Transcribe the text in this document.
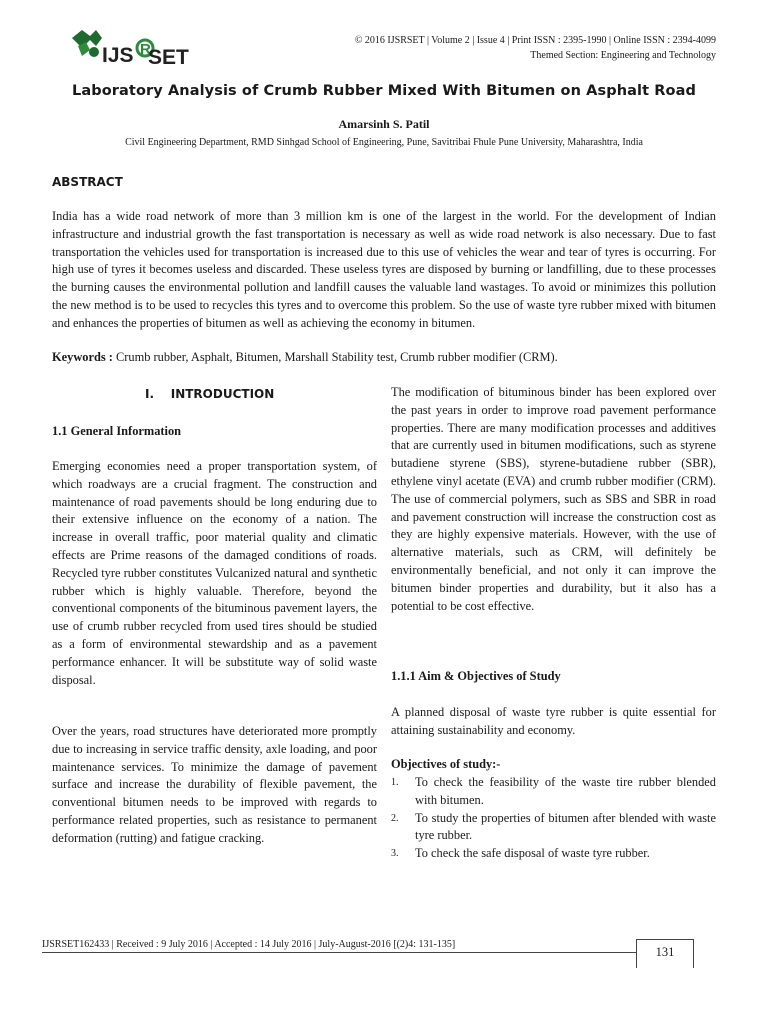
IJS R
SET
© 2016 IJSRSET | Volume 2 | Issue 4 | Print ISSN : 2395-1990 | Online ISSN : 2394-4099
Themed Section: Engineering and Technology
Laboratory Analysis of Crumb Rubber Mixed With Bitumen on Asphalt Road
Amarsinh S. Patil
Civil Engineering Department, RMD Sinhgad School of Engineering, Pune, Savitribai Fhule Pune University, Maharashtra, India
ABSTRACT
India has a wide road network of more than 3 million km is one of the largest in the world. For the development of Indian infrastructure and industrial growth the fast transportation is necessary as well as wide road network is also necessary. Due to fast transportation the vehicles used for transportation is increased due to this use of vehicles the wear and tear of tyres is occurring. For high use of tyres it becomes useless and discarded. These useless tyres are disposed by burning or landfilling, due to these processes the burning causes the environmental pollution and landfill causes the valuable land wastages. To avoid or minimizes this pollution the new method is to be used to recycles this tyres and to overcome this problem. So the use of waste tyre rubber mixed with bitumen and enhances the properties of bitumen as well as achieving the economy in bitumen.
Keywords : Crumb rubber, Asphalt, Bitumen, Marshall Stability test, Crumb rubber modifier (CRM).
I.    INTRODUCTION
1.1 General Information
Emerging economies need a proper transportation system, of which roadways are a crucial fragment. The construction and maintenance of road pavements should be long enduring due to their extensive influence on the economy of a nation. The increase in overall traffic, poor material quality and climatic effects are Prime reasons of the damaged conditions of roads. Recycled tyre rubber constitutes Vulcanized natural and synthetic rubber which is highly valuable. Therefore, beyond the conventional components of the bituminous pavement layers, the use of crumb rubber recycled from used tires should be studied as a form of environmental stewardship and as a pavement performance enhancer. It will be substitute way of solid waste disposal.
Over the years, road structures have deteriorated more promptly due to increasing in service traffic density, axle loading, and poor maintenance services. To minimize the damage of pavement surface and increase the durability of flexible pavement, the conventional bitumen needs to be improved with regards to performance related properties, such as resistance to permanent deformation (rutting) and fatigue cracking.
The modification of bituminous binder has been explored over the past years in order to improve road pavement performance properties. There are many modification processes and additives that are currently used in bitumen modifications, such as styrene butadiene styrene (SBS), styrene-butadiene rubber (SBR), ethylene vinyl acetate (EVA) and crumb rubber modifier (CRM). The use of commercial polymers, such as SBS and SBR in road and pavement construction will increase the construction cost as they are highly expensive materials. However, with the use of alternative materials, such as CRM, will definitely be environmentally beneficial, and not only it can improve the bitumen binder properties and durability, but it also has a potential to be cost effective.
1.1.1 Aim & Objectives of Study
A planned disposal of waste tyre rubber is quite essential for attaining sustainability and economy.
Objectives of study:-
1. To check the feasibility of the waste tire rubber blended with bitumen.
2. To study the properties of bitumen after blended with waste tyre rubber.
3. To check the safe disposal of waste tyre rubber.
IJSRSET162433 | Received : 9 July 2016 | Accepted : 14 July 2016 | July-August-2016 [(2)4: 131-135]
131
